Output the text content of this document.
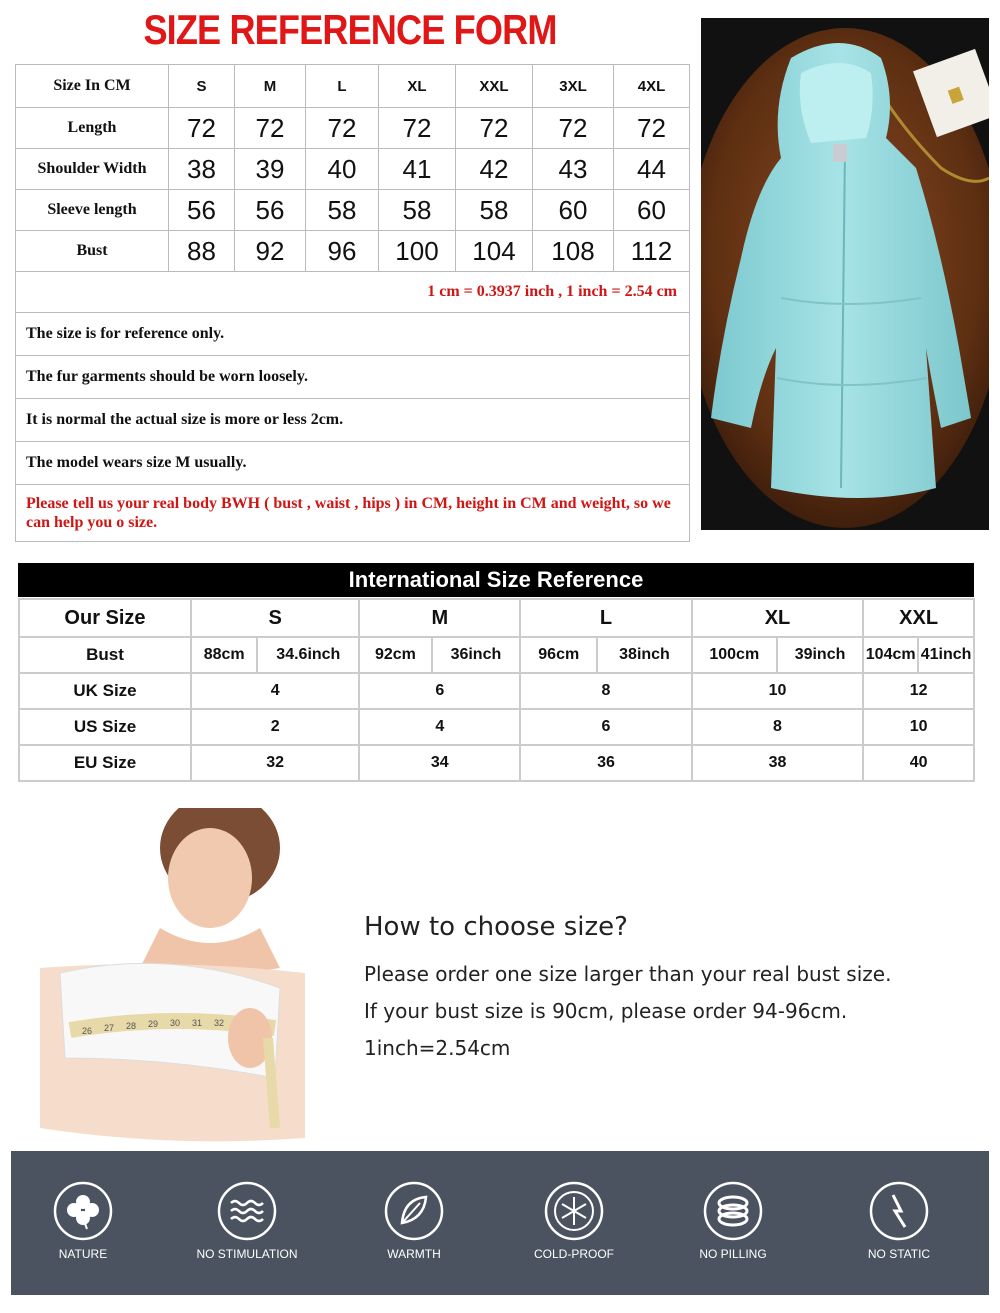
SIZE REFERENCE FORM
Size In CM	S	M	L	XL	XXL	3XL	4XL
Length	72	72	72	72	72	72	72
Shoulder Width	38	39	40	41	42	43	44
Sleeve length	56	56	58	58	58	60	60
Bust	88	92	96	100	104	108	112
1 cm = 0.3937 inch , 1 inch = 2.54 cm							
The size is for reference only.							
The fur garments should be worn loosely.							
It is normal the actual size is more or less 2cm.							
The model wears size M usually.							
Please tell us your real body BWH ( bust , waist , hips ) in CM, height in CM and weight, so we can help you o size.							
International Size Reference
Our Size	S		M		L		XL		XXL	
Bust	88cm	34.6inch	92cm	36inch	96cm	38inch	100cm	39inch	104cm	41inch
UK Size	4		6		8		10		12	
US Size	2		4		6		8		10	
EU Size	32		34		36		38		40	
26 27 28 29 30 31 32
How to choose size?
Please order one size larger than your real bust size.
If your bust size is 90cm, please order 94-96cm.
1inch=2.54cm
NATURE	NO STIMULATION	WARMTH	COLD-PROOF	NO PILLING	NO STATIC
